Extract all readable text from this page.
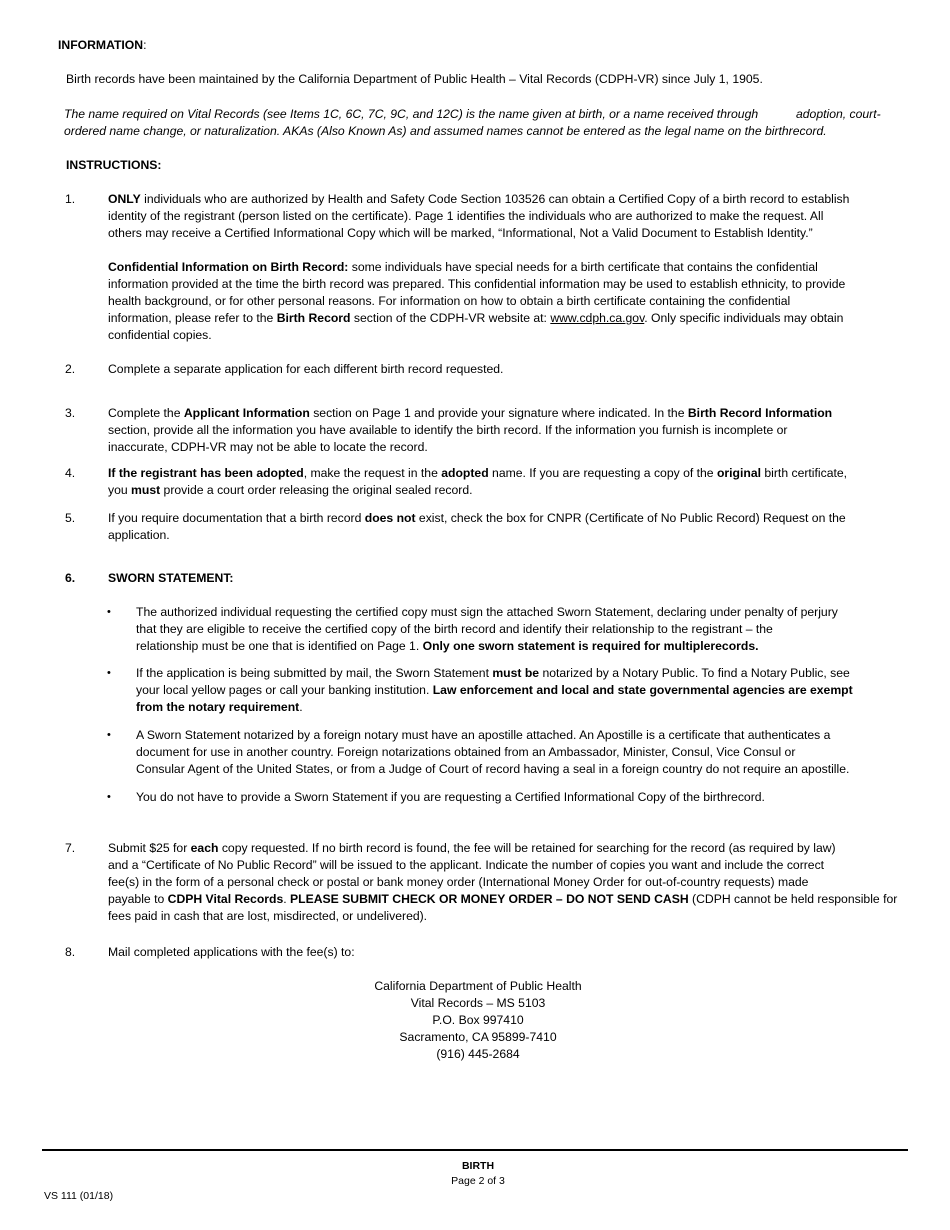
INFORMATION:
Birth records have been maintained by the California Department of Public Health – Vital Records (CDPH-VR) since July 1, 1905.
The name required on Vital Records (see Items 1C, 6C, 7C, 9C, and 12C) is the name given at birth, or a name received through	adoption, court-
ordered name change, or naturalization. AKAs (Also Known As) and assumed names cannot be entered as the legal name on the birthrecord.
INSTRUCTIONS:
1.	ONLY individuals who are authorized by Health and Safety Code Section 103526 can obtain a Certified Copy of a birth record to establish
identity of the registrant (person listed on the certificate). Page 1 identifies the individuals who are authorized to make the request. All
others may receive a Certified Informational Copy which will be marked, “Informational, Not a Valid Document to Establish Identity.”
Confidential Information on Birth Record: some individuals have special needs for a birth certificate that contains the confidential
information provided at the time the birth record was prepared. This confidential information may be used to establish ethnicity, to provide
health background, or for other personal reasons. For information on how to obtain a birth certificate containing the confidential
information, please refer to the Birth Record section of the CDPH-VR website at: www.cdph.ca.gov. Only specific individuals may obtain
confidential copies.
2.	Complete a separate application for each different birth record requested.
3.	Complete the Applicant Information section on Page 1 and provide your signature where indicated. In the Birth Record Information
section, provide all the information you have available to identify the birth record. If the information you furnish is incomplete or
inaccurate, CDPH-VR may not be able to locate the record.
4.	If the registrant has been adopted, make the request in the adopted name. If you are requesting a copy of the original birth certificate,
you must provide a court order releasing the original sealed record.
5.	If you require documentation that a birth record does not exist, check the box for CNPR (Certificate of No Public Record) Request on the
application.
6.	SWORN STATEMENT:
•	The authorized individual requesting the certified copy must sign the attached Sworn Statement, declaring under penalty of perjury
that they are eligible to receive the certified copy of the birth record and identify their relationship to the registrant – the
relationship must be one that is identified on Page 1. Only one sworn statement is required for multiplerecords.
•	If the application is being submitted by mail, the Sworn Statement must be notarized by a Notary Public. To find a Notary Public, see
your local yellow pages or call your banking institution. Law enforcement and local and state governmental agencies are exempt
from the notary requirement.
•	A Sworn Statement notarized by a foreign notary must have an apostille attached. An Apostille is a certificate that authenticates a
document for use in another country. Foreign notarizations obtained from an Ambassador, Minister, Consul, Vice Consul or
Consular Agent of the United States, or from a Judge of Court of record having a seal in a foreign country do not require an apostille.
•	You do not have to provide a Sworn Statement if you are requesting a Certified Informational Copy of the birthrecord.
7.	Submit $25 for each copy requested. If no birth record is found, the fee will be retained for searching for the record (as required by law)
and a “Certificate of No Public Record” will be issued to the applicant. Indicate the number of copies you want and include the correct
fee(s) in the form of a personal check or postal or bank money order (International Money Order for out-of-country requests) made
payable to CDPH Vital Records. PLEASE SUBMIT CHECK OR MONEY ORDER – DO NOT SEND CASH (CDPH cannot be held responsible for
fees paid in cash that are lost, misdirected, or undelivered).
8.	Mail completed applications with the fee(s) to:
California Department of Public Health
Vital Records – MS 5103
P.O. Box 997410
Sacramento, CA 95899-7410
(916) 445-2684
BIRTH
Page 2 of 3
VS 111 (01/18)
